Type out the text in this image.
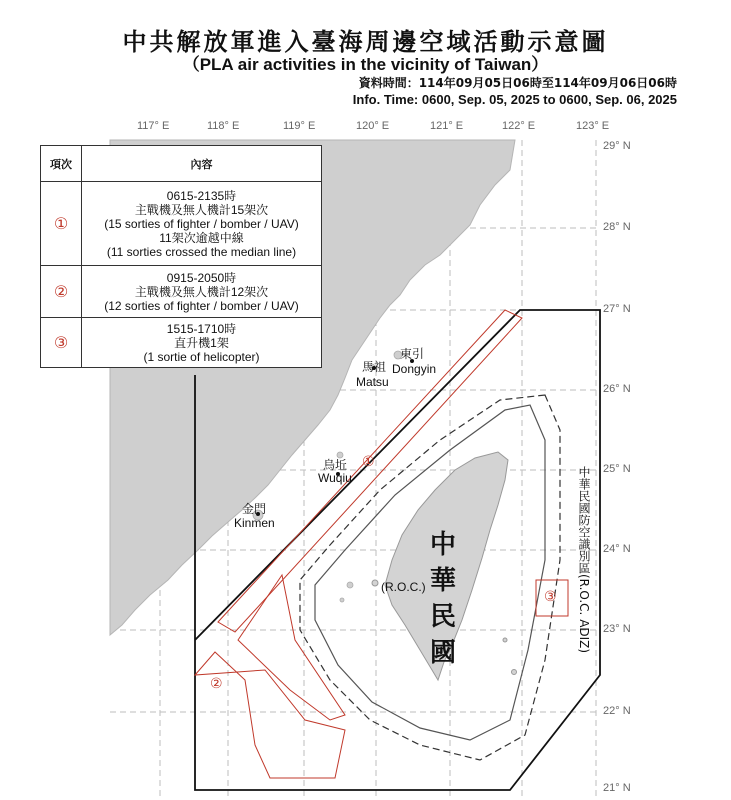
中共解放軍進入臺海周邊空域活動示意圖
（PLA air activities in the vicinity of Taiwan）
資料時間：114年09月05日06時至114年09月06日06時
Info. Time: 0600, Sep. 05, 2025 to 0600, Sep. 06, 2025
117° E	118° E	119° E	120° E	121° E	122° E	123° E
29° N
28° N
27° N
26° N
25° N
24° N
23° N
22° N
21° N
項次	內容
①	0615-2135時
主戰機及無人機計15架次
(15 sorties of fighter / bomber / UAV)
11架次逾越中線
(11 sorties crossed the median line)

②	0915-2050時
主戰機及無人機計12架次
(12 sorties of fighter / bomber / UAV)

③	1515-1710時
直升機1架
(1 sortie of helicopter)	東引
Dongyin
馬祖
Matsu
烏坵
Wuqiu
金門
Kinmen
(R.O.C.)
中
華
民
國	中華民國防空識別區(R.O.C. ADIZ)
①
②
③
